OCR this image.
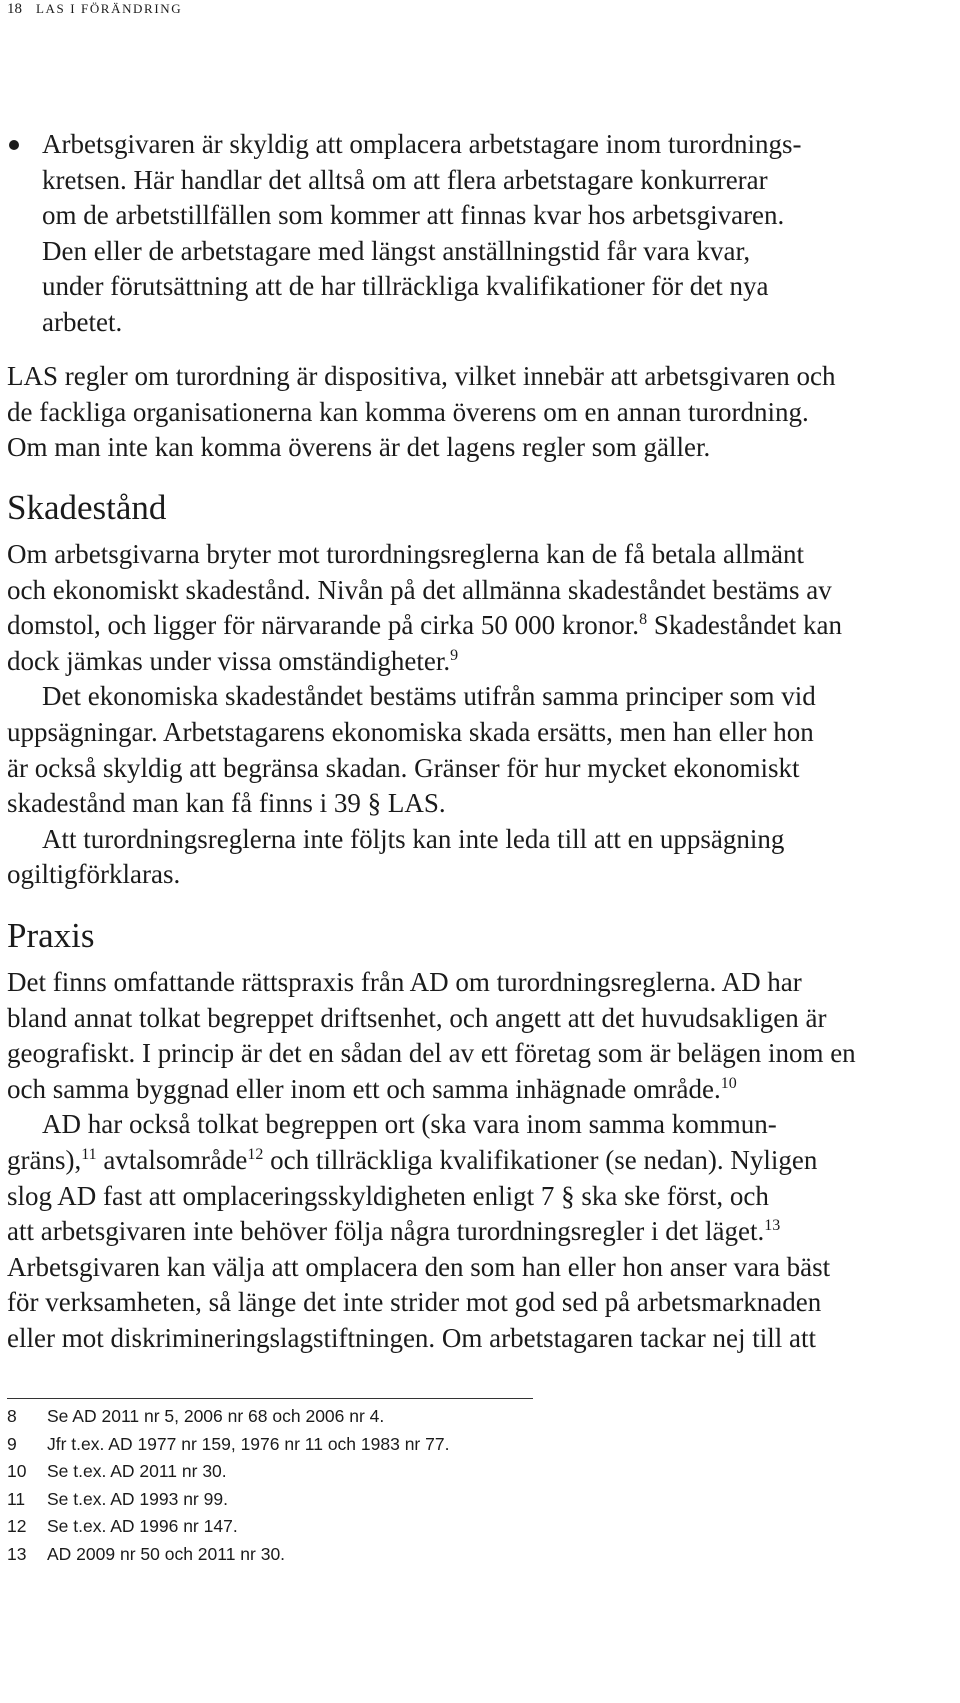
18 LAS I FÖRÄNDRING
Arbetsgivaren är skyldig att omplacera arbetstagare inom turordnings-
kretsen. Här handlar det alltså om att flera arbetstagare konkurrerar
om de arbetstillfällen som kommer att finnas kvar hos arbetsgivaren.
Den eller de arbetstagare med längst anställningstid får vara kvar,
under förutsättning att de har tillräckliga kvalifikationer för det nya
arbetet.
LAS regler om turordning är dispositiva, vilket innebär att arbetsgivaren och
de fackliga organisationerna kan komma överens om en annan turordning.
Om man inte kan komma överens är det lagens regler som gäller.
Skadestånd
Om arbetsgivarna bryter mot turordningsreglerna kan de få betala allmänt
och ekonomiskt skadestånd. Nivån på det allmänna skadeståndet bestäms av
domstol, och ligger för närvarande på cirka 50 000 kronor.$^8$ Skadeståndet kan
dock jämkas under vissa omständigheter.$^9$
Det ekonomiska skadeståndet bestäms utifrån samma principer som vid
uppsägningar. Arbetstagarens ekonomiska skada ersätts, men han eller hon
är också skyldig att begränsa skadan. Gränser för hur mycket ekonomiskt
skadestånd man kan få finns i 39 § LAS.
Att turordningsreglerna inte följts kan inte leda till att en uppsägning
ogiltigförklaras.
Praxis
Det finns omfattande rättspraxis från AD om turordningsreglerna. AD har
bland annat tolkat begreppet driftsenhet, och angett att det huvudsakligen är
geografiskt. I princip är det en sådan del av ett företag som är belägen inom en
och samma byggnad eller inom ett och samma inhägnade område.$^{10}$
AD har också tolkat begreppen ort (ska vara inom samma kommun-
gräns),$^{11}$ avtalsområde$^{12}$ och tillräckliga kvalifikationer (se nedan). Nyligen
slog AD fast att omplaceringsskyldigheten enligt 7 § ska ske först, och
att arbetsgivaren inte behöver följa några turordningsregler i det läget.$^{13}$
Arbetsgivaren kan välja att omplacera den som han eller hon anser vara bäst
för verksamheten, så länge det inte strider mot god sed på arbetsmarknaden
eller mot diskrimineringslagstiftningen. Om arbetstagaren tackar nej till att
8	Se AD 2011 nr 5, 2006 nr 68 och 2006 nr 4.
9	Jfr t.ex. AD 1977 nr 159, 1976 nr 11 och 1983 nr 77.
10	Se t.ex. AD 2011 nr 30.
11	Se t.ex. AD 1993 nr 99.
12	Se t.ex. AD 1996 nr 147.
13	AD 2009 nr 50 och 2011 nr 30.
